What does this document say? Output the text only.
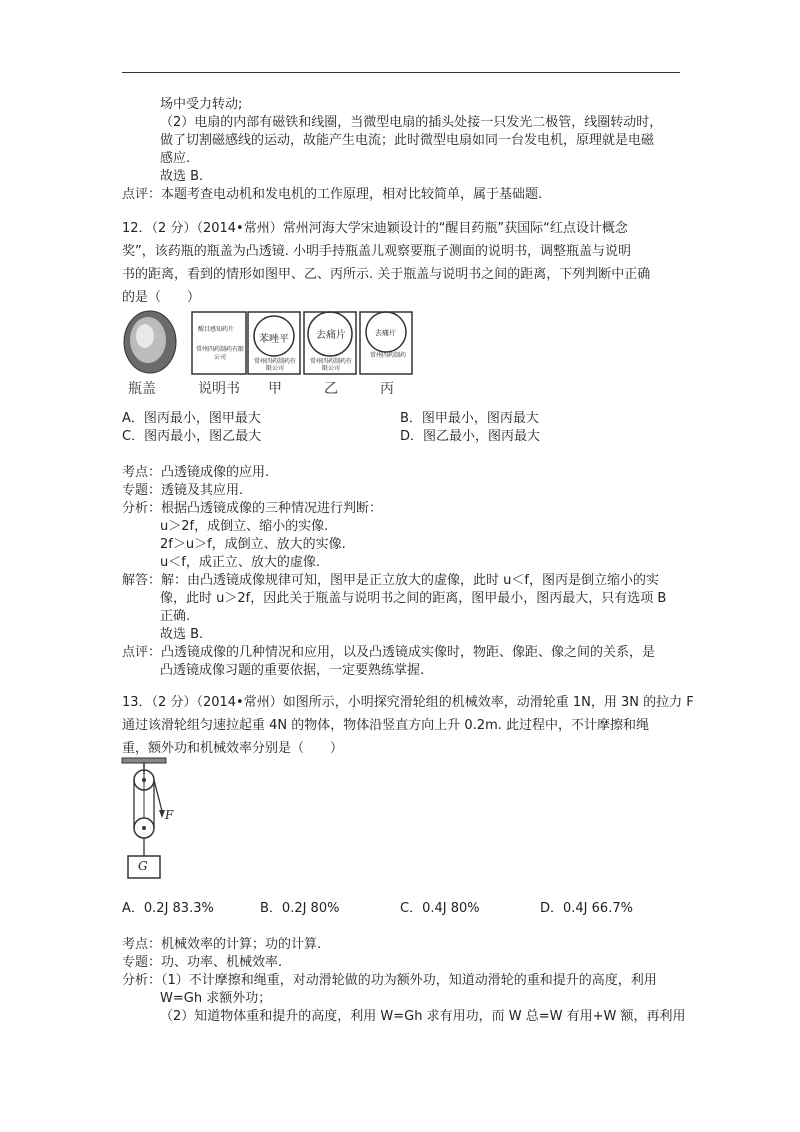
场中受力转动;
（2）电扇的内部有磁铁和线圈，当微型电扇的插头处接一只发光二极管，线圈转动时，
做了切割磁感线的运动，故能产生电流；此时微型电扇如同一台发电机，原理就是电磁
感应.
故选 B.
点评：本题考查电动机和发电机的工作原理，相对比较简单，属于基础题.
12．（2 分）（2014•常州）常州河海大学宋迪颖设计的“醒目药瓶”获国际“红点设计概念
奖”，该药瓶的瓶盖为凸透镜. 小明手持瓶盖儿观察要瓶子测面的说明书，调整瓶盖与说明
书的距离，看到的情形如图甲、乙、丙所示. 关于瓶盖与说明书之间的距离，下列判断中正确
的是（　　）
醒目感知药片
常州四药制药有限公司
苯唑平
常州四药制药有限公司
去痛片
常州四药制药有限公司
去痛片
常州四药制药
瓶盖	说明书 甲	乙	丙
A．图丙最小，图甲最大	B．图甲最小，图丙最大
C．图丙最小，图乙最大	D．图乙最小，图丙最大
考点：凸透镜成像的应用.
专题：透镜及其应用.
分析：根据凸透镜成像的三种情况进行判断：
u＞2f，成倒立、缩小的实像.
2f＞u＞f，成倒立、放大的实像.
u＜f，成正立、放大的虚像.
解答：解：由凸透镜成像规律可知，图甲是正立放大的虚像，此时 u＜f，图丙是倒立缩小的实
像，此时 u＞2f，因此关于瓶盖与说明书之间的距离，图甲最小，图丙最大，只有选项 B
正确.
故选 B.
点评：凸透镜成像的几种情况和应用，以及凸透镜成实像时，物距、像距、像之间的关系，是
凸透镜成像习题的重要依据，一定要熟练掌握.
13．（2 分）（2014•常州）如图所示，小明探究滑轮组的机械效率，动滑轮重 1N，用 3N 的拉力 F
通过该滑轮组匀速拉起重 4N 的物体，物体沿竖直方向上升 0.2m. 此过程中，不计摩擦和绳
重，额外功和机械效率分别是（　　）
F
G
A．0.2J 83.3%	B．0.2J 80%	C．0.4J 80%	D．0.4J 66.7%
考点：机械效率的计算；功的计算.
专题：功、功率、机械效率.
分析：（1）不计摩擦和绳重，对动滑轮做的功为额外功，知道动滑轮的重和提升的高度，利用
W=Gh 求额外功；
（2）知道物体重和提升的高度，利用 W=Gh 求有用功，而 W 总=W 有用+W 额，再利用
